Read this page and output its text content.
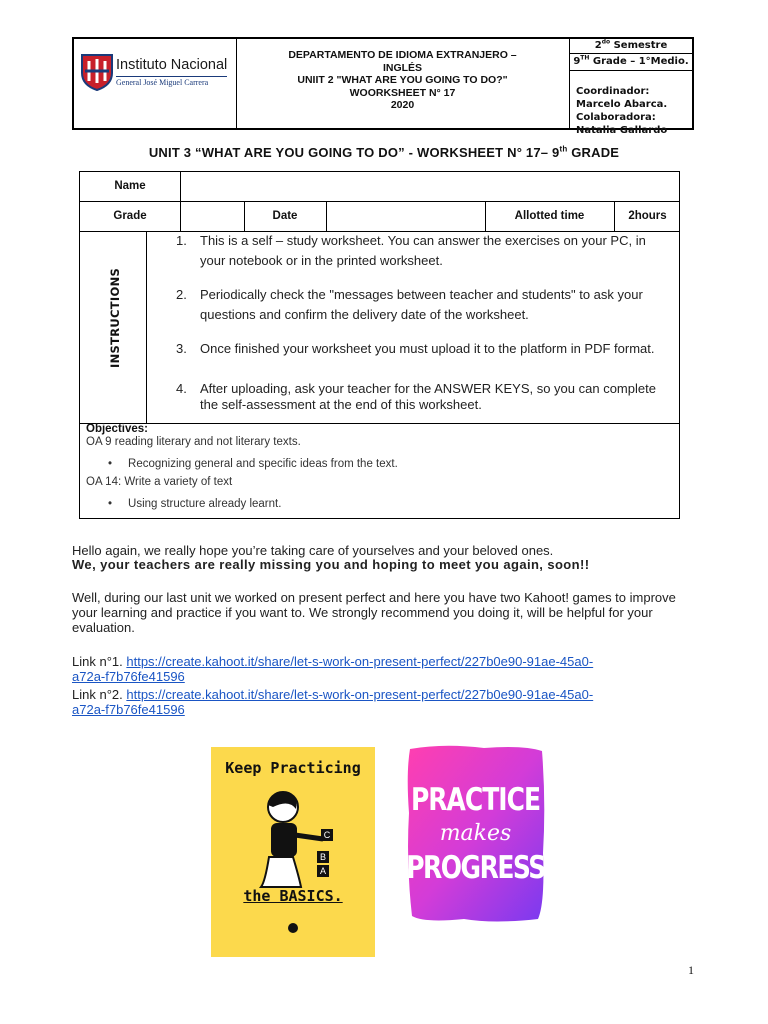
Instituto Nacional
General José Miguel Carrera
DEPARTAMENTO DE IDIOMA EXTRANJERO –
INGLÉS
UNIIT 2 "WHAT ARE YOU GOING TO DO?"
WOORKSHEET N° 17
2020
$2^{do}$ Semestre
9TH Grade – 1°Medio.
Coordinador: Marcelo Abarca.
Colaboradora: Natalia Gallardo
UNIT 3 “WHAT ARE YOU GOING TO DO” - WORKSHEET N° 17– 9th GRADE
Name
Grade	Date	Allotted time	2hours
INSTRUCTIONS
1. This is a self – study worksheet. You can answer the exercises on your PC, in your notebook or in the printed worksheet.
2. Periodically check the "messages between teacher and students" to ask your questions and confirm the delivery date of the worksheet.
3. Once finished your worksheet you must upload it to the platform in PDF format.
4. After uploading, ask your teacher for the ANSWER KEYS, so you can complete the self-assessment at the end of this worksheet.
Objectives:
OA 9 reading literary and not literary texts.
•     Recognizing general and specific ideas from the text.
OA 14: Write a variety of text
•     Using structure already learnt.
Hello again, we really hope you’re taking care of yourselves and your beloved ones.
We, your teachers are really missing you and hoping to meet you again, soon!!
Well, during our last unit we worked on present perfect and here you have two Kahoot! games to improve your learning and practice if you want to. We strongly recommend you doing it, will be helpful for your evaluation.
Link n°1. https://create.kahoot.it/share/let-s-work-on-present-perfect/227b0e90-91ae-45a0-
a72a-f7b76fe41596
Link n°2. https://create.kahoot.it/share/let-s-work-on-present-perfect/227b0e90-91ae-45a0-
a72a-f7b76fe41596
Keep Practicing
C
B
A
the BASICS.
PRACTICE
makes
PROGRESS
1
